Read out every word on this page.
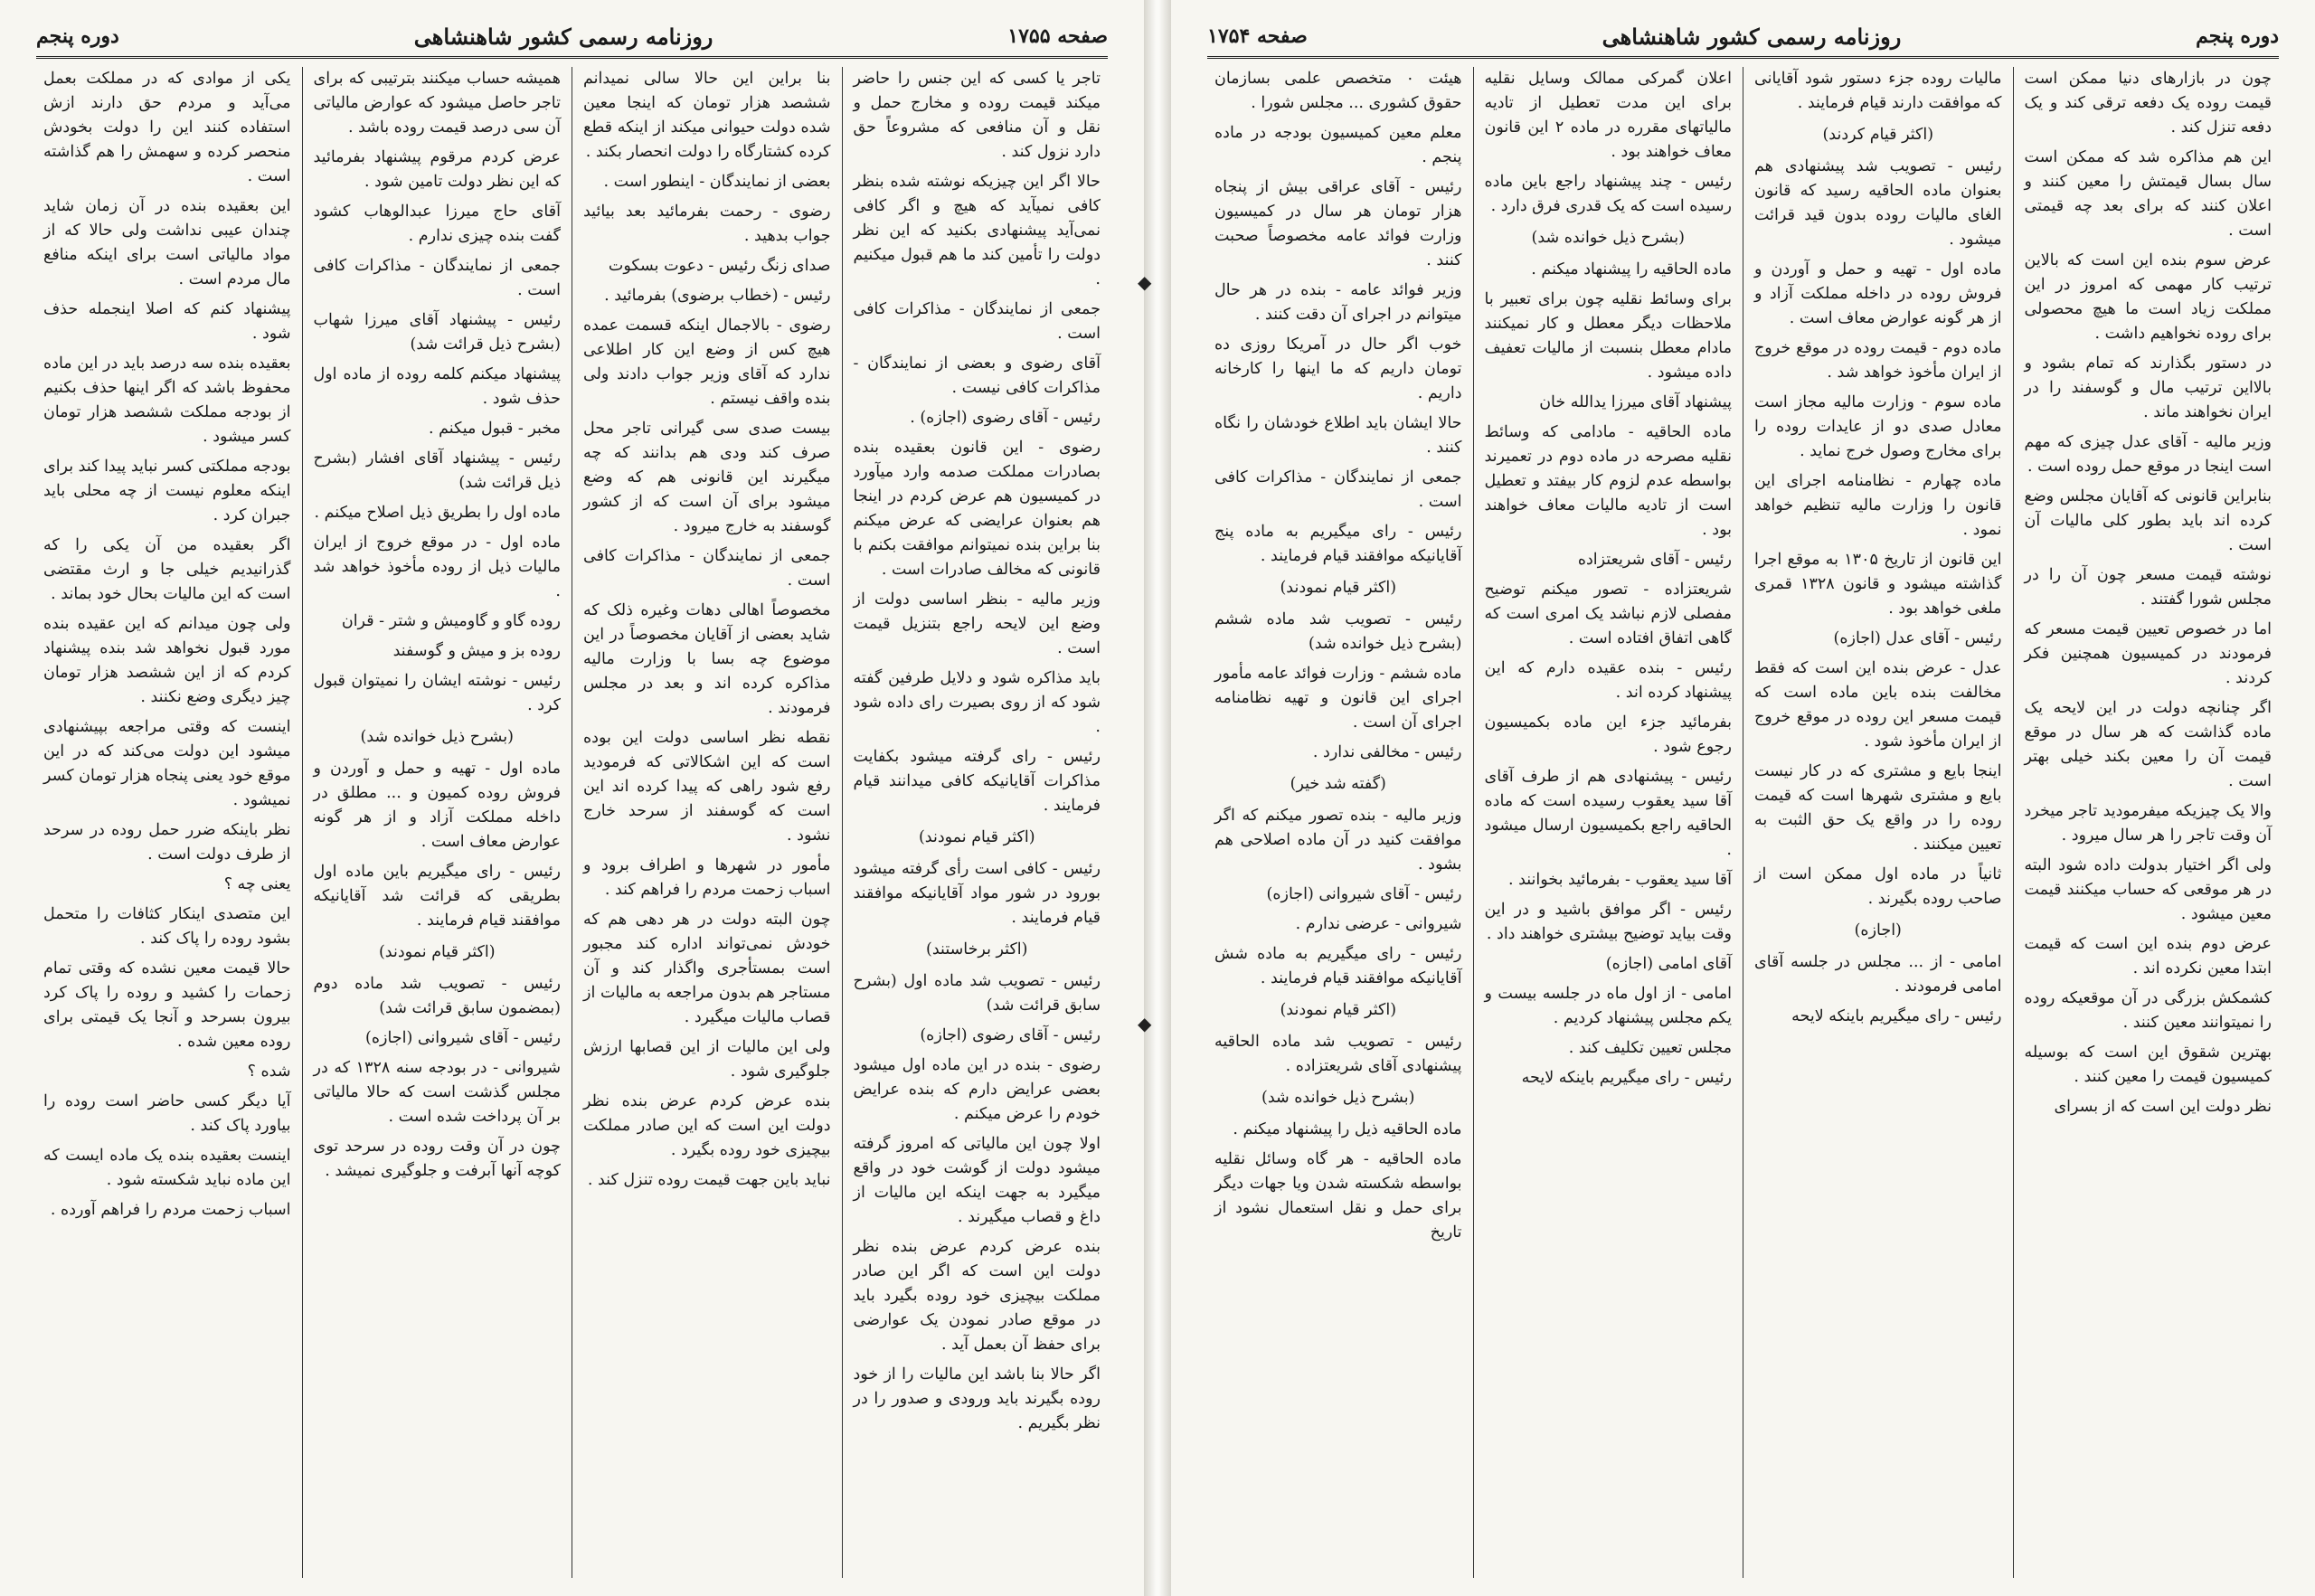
صفحه ۱۷۵۵
روزنامه رسمی کشور شاهنشاهی
دوره پنجم

تاجر یا کسی که این جنس را حاضر میکند قیمت روده و مخارج حمل و نقل و آن منافعی که مشروعاً حق دارد نزول کند .

حالا اگر این چیزیکه نوشته شده بنظر کافی نمیآید که هیچ و اگر کافی نمی‌آید پیشنهادی بکنید که این نظر دولت را تأمین کند ما هم قبول میکنیم .

جمعی از نمایندگان - مذاکرات کافی است .

آقای رضوی و بعضی از نمایندگان - مذاکرات کافی نیست .

رئیس - آقای رضوی (اجازه) .

رضوی - این قانون بعقیده بنده بصادرات مملکت صدمه وارد میآورد در کمیسیون هم عرض کردم در اینجا هم بعنوان عرایضی که عرض میکنم بنا براین بنده نمیتوانم موافقت بکنم با قانونی که مخالف صادرات است .

وزیر مالیه - بنظر اساسی دولت از وضع این لایحه راجع بتنزیل قیمت است .

باید مذاکره شود و دلایل طرفین گفته شود که از روی بصیرت رای داده شود .

رئیس - رای گرفته میشود بکفایت مذاکرات آقایانیکه کافی میدانند قیام فرمایند .

(اکثر قیام نمودند)

رئیس - کافی است رأی گرفته میشود بورود در شور مواد آقایانیکه موافقند قیام فرمایند .

(اکثر برخاستند)

رئیس - تصویب شد ماده اول (بشرح سابق قرائت شد)

رئیس - آقای رضوی (اجازه)

رضوی - بنده در این ماده اول میشود بعضی عرایض دارم که بنده عرایض خودم را عرض میکنم .

اولا چون این مالیاتی که امروز گرفته میشود دولت از گوشت خود در واقع میگیرد به جهت اینکه این مالیات از داغ و قصاب میگیرند .

بنده عرض کردم عرض بنده نظر دولت این است که اگر این صادر مملکت بیچیزی خود روده بگیرد باید در موقع صادر نمودن یک عوارضی برای حفظ آن بعمل آید .

اگر حالا بنا باشد این مالیات را از خود روده بگیرند باید ورودی و صدور را در نظر بگیریم .

بنا براین این حالا سالی نمیدانم ششصد هزار تومان که اینجا معین شده دولت حیوانی میکند از اینکه قطع کرده کشتارگاه را دولت انحصار بکند .

بعضی از نمایندگان - اینطور است .

رضوی - رحمت بفرمائید بعد بیائید جواب بدهید .

صدای زنگ رئیس - دعوت بسکوت

رئیس - (خطاب برضوی) بفرمائید .

رضوی - بالاجمال اینکه قسمت عمده هیچ کس از وضع این کار اطلاعی ندارد که آقای وزیر جواب دادند ولی بنده واقف نیستم .

بیست صدی سی گیرانی تاجر محل صرف کند ودی هم بدانند که چه میگیرند این قانونی هم که وضع میشود برای آن است که از کشور گوسفند به خارج میرود .

جمعی از نمایندگان - مذاکرات کافی است .

مخصوصاً اهالی دهات وغیره ذلک که شاید بعضی از آقایان مخصوصاً در این موضوع چه بسا با وزارت مالیه مذاکره کرده اند و بعد در مجلس فرمودند .

نقطه نظر اساسی دولت این بوده است که این اشکالاتی که فرمودید رفع شود راهی که پیدا کرده اند این است که گوسفند از سرحد خارج نشود .

مأمور در شهرها و اطراف برود و اسباب زحمت مردم را فراهم کند .

چون البته دولت در هر دهی هم که خودش نمی‌تواند اداره کند مجبور است بمستأجری واگذار کند و آن مستاجر هم بدون مراجعه به مالیات از قصاب مالیات میگیرد .

ولی این مالیات از این قصابها ارزش جلوگیری شود .

بنده عرض کردم عرض بنده نظر دولت این است که این صادر مملکت بیچیزی خود روده بگیرد .

نباید باین جهت قیمت روده تنزل کند .

همیشه حساب میکنند بترتیبی که برای تاجر حاصل میشود که عوارض مالیاتی آن سی درصد قیمت روده باشد .

عرض کردم مرقوم پیشنهاد بفرمائید که این نظر دولت تامین شود .

آقای حاج میرزا عبدالوهاب کشود گفت بنده چیزی ندارم .

جمعی از نمایندگان - مذاکرات کافی است .

رئیس - پیشنهاد آقای میرزا شهاب (بشرح ذیل قرائت شد)

پیشنهاد میکنم کلمه روده از ماده اول حذف شود .

مخبر - قبول میکنم .

رئیس - پیشنهاد آقای افشار (بشرح ذیل قرائت شد)

ماده اول را بطریق ذیل اصلاح میکنم .

ماده اول - در موقع خروج از ایران مالیات ذیل از روده مأخوذ خواهد شد .

روده گاو و گاومیش و شتر - قران

روده بز و میش و گوسفند

رئیس - نوشته ایشان را نمیتوان قبول کرد .

(بشرح ذیل خوانده شد)

ماده اول - تهیه و حمل و آوردن و فروش روده کمیون و ... مطلق در داخله مملکت آزاد و از هر گونه عوارض معاف است .

رئیس - رای میگیریم باین ماده اول بطریقی که قرائت شد آقایانیکه موافقند قیام فرمایند .

(اکثر قیام نمودند)

رئیس - تصویب شد ماده دوم (بمضمون سابق قرائت شد)

رئیس - آقای شیروانی (اجازه)

شیروانی - در بودجه سنه ۱۳۲۸ که در مجلس گذشت است که حالا مالیاتی بر آن پرداخت شده است .

چون در آن وقت روده در سرحد توی کوچه آنها آبرفت و جلوگیری نمیشد .

یکی از موادی که در مملکت بعمل می‌آید و مردم حق دارند ازش استفاده کنند این را دولت بخودش منحصر کرده و سهمش را هم گذاشته است .

این بعقیده بنده در آن زمان شاید چندان عیبی نداشت ولی حالا که از مواد مالیاتی است برای اینکه منافع مال مردم است .

پیشنهاد کنم که اصلا اینجمله حذف شود .

بعقیده بنده سه درصد باید در این ماده محفوظ باشد که اگر اینها حذف بکنیم از بودجه مملکت ششصد هزار تومان کسر میشود .

بودجه مملکتی کسر نباید پیدا کند برای اینکه معلوم نیست از چه محلی باید جبران کرد .

اگر بعقیده من آن یکی را که گذرانیدیم خیلی جا و ارث مقتضی است که این مالیات بحال خود بماند .

ولی چون میدانم که این عقیده بنده مورد قبول نخواهد شد بنده پیشنهاد کردم که از این ششصد هزار تومان چیز دیگری وضع نکنند .

اینست که وقتی مراجعه بپیشنهادی میشود این دولت می‌کند که در این موقع خود یعنی پنجاه هزار تومان کسر نمیشود .

نظر باینکه ضرر حمل روده در سرحد از طرف دولت است .

یعنی چه ؟

این متصدی اینکار کثافات را متحمل بشود روده را پاک کند .

حالا قیمت معین نشده که وقتی تمام زحمات را کشید و روده را پاک کرد بیرون بسرحد و آنجا یک قیمتی برای روده معین شده .

شده ؟

آیا دیگر کسی حاضر است روده را بیاورد پاک کند .

اینست بعقیده بنده یک ماده ایست که این ماده نباید شکسته شود .

اسباب زحمت مردم را فراهم آورده .

◆
◆
دوره پنجم
روزنامه رسمی کشور شاهنشاهی
صفحه ۱۷۵۴

چون در بازارهای دنیا ممکن است قیمت روده یک دفعه ترقی کند و یک دفعه تنزل کند .

این هم مذاکره شد که ممکن است سال بسال قیمتش را معین کنند و اعلان کنند که برای بعد چه قیمتی است .

عرض سوم بنده این است که بالاین ترتیب کار مهمی که امروز در این مملکت زیاد است ما هیچ محصولی برای روده نخواهیم داشت .

در دستور بگذارند که تمام بشود و بالااین ترتیب مال و گوسفند را در ایران نخواهند ماند .

وزیر مالیه - آقای عدل چیزی که مهم است اینجا در موقع حمل روده است .

بنابراین قانونی که آقایان مجلس وضع کرده اند باید بطور کلی مالیات آن است .

نوشته قیمت مسعر چون آن را در مجلس شورا گفتند .

اما در خصوص تعیین قیمت مسعر که فرمودند در کمیسیون همچنین فکر کردند .

اگر چنانچه دولت در این لایحه یک ماده گذاشت که هر سال در موقع قیمت آن را معین بکند خیلی بهتر است .

والا یک چیزیکه میفرمودید تاجر میخرد آن وقت تاجر را هر سال میرود .

ولی اگر اختیار بدولت داده شود البته در هر موقعی که حساب میکنند قیمت معین میشود .

عرض دوم بنده این است که قیمت ابتدا معین نکرده اند .

کشمکش بزرگی در آن موقعیکه روده را نمیتوانند معین کنند .

بهترین شقوق این است که بوسیله کمیسیون قیمت را معین کنند .

نظر دولت این است که از بسرای

مالیات روده جزء دستور شود آقایانی که موافقت دارند قیام فرمایند .

(اکثر قیام کردند)

رئیس - تصویب شد پیشنهادی هم بعنوان ماده الحاقیه رسید که قانون الغای مالیات روده بدون قید قرائت میشود .

ماده اول - تهیه و حمل و آوردن و فروش روده در داخله مملکت آزاد و از هر گونه عوارض معاف است .

ماده دوم - قیمت روده در موقع خروج از ایران مأخوذ خواهد شد .

ماده سوم - وزارت مالیه مجاز است معادل صدی دو از عایدات روده را برای مخارج وصول خرج نماید .

ماده چهارم - نظامنامه اجرای این قانون را وزارت مالیه تنظیم خواهد نمود .

این قانون از تاریخ ۱۳۰۵ به موقع اجرا گذاشته میشود و قانون ۱۳۲۸ قمری ملغی خواهد بود .

رئیس - آقای عدل (اجازه)

عدل - عرض بنده این است که فقط مخالفت بنده باین ماده است که قیمت مسعر این روده در موقع خروج از ایران مأخوذ شود .

اینجا بایع و مشتری که در کار نیست بایع و مشتری شهرها است که قیمت روده را در واقع یک حق الثبت به تعیین میکنند .

ثانیاً در ماده اول ممکن است از صاحب روده بگیرند .

(اجازه)

امامی - از ... مجلس در جلسه آقای امامی فرمودند .

رئیس - رای میگیریم باینکه لایحه

اعلان گمرکی ممالک وسایل نقلیه برای این مدت تعطیل از تادیه مالیاتهای مقرره در ماده ۲ این قانون معاف خواهند بود .

رئیس - چند پیشنهاد راجع باین ماده رسیده است که یک قدری فرق دارد .

(بشرح ذیل خوانده شد)

ماده الحاقیه را پیشنهاد میکنم .

برای وسائط نقلیه چون برای تعبیر با ملاحظات دیگر معطل و کار نمیکنند مادام معطل بنسبت از مالیات تعفیف داده میشود .

پیشنهاد آقای میرزا یدالله خان

ماده الحاقیه - مادامی که وسائط نقلیه مصرحه در ماده دوم در تعمیرند بواسطه عدم لزوم کار بیفتد و تعطیل است از تادیه مالیات معاف خواهند بود .

رئیس - آقای شریعتزاده

شریعتزاده - تصور میکنم توضیح مفصلی لازم نباشد یک امری است که گاهی اتفاق افتاده است .

رئیس - بنده عقیده دارم که این پیشنهاد کرده اند .

بفرمائید جزء این ماده بکمیسیون رجوع شود .

رئیس - پیشنهادی هم از طرف آقای آقا سید یعقوب رسیده است که ماده الحاقیه راجع بکمیسیون ارسال میشود .

آقا سید یعقوب - بفرمائید بخوانند .

رئیس - اگر موافق باشید و در این وقت بیاید توضیح بیشتری خواهند داد .

آقای امامی (اجازه)

امامی - از اول ماه در جلسه بیست و یکم مجلس پیشنهاد کردیم .

مجلس تعیین تکلیف کند .

رئیس - رای میگیریم باینکه لایحه

هیئت ۰ متخصص علمی بسازمان حقوق کشوری ... مجلس شورا .

معلم معین کمیسیون بودجه در ماده پنجم .

رئیس - آقای عراقی بیش از پنجاه هزار تومان هر سال در کمیسیون وزارت فوائد عامه مخصوصاً صحبت کنند .

وزیر فوائد عامه - بنده در هر حال میتوانم در اجرای آن دقت کنند .

خوب اگر حال در آمریکا روزی ده تومان داریم که ما اینها را کارخانه داریم .

حالا ایشان باید اطلاع خودشان را نگاه کنند .

جمعی از نمایندگان - مذاکرات کافی است .

رئیس - رای میگیریم به ماده پنج آقایانیکه موافقند قیام فرمایند .

(اکثر قیام نمودند)

رئیس - تصویب شد ماده ششم (بشرح ذیل خوانده شد)

ماده ششم - وزارت فوائد عامه مأمور اجرای این قانون و تهیه نظامنامه اجرای آن است .

رئیس - مخالفی ندارد .

(گفته شد خیر)

وزیر مالیه - بنده تصور میکنم که اگر موافقت کنید در آن ماده اصلاحی هم بشود .

رئیس - آقای شیروانی (اجازه)

شیروانی - عرضی ندارم .

رئیس - رای میگیریم به ماده شش آقایانیکه موافقند قیام فرمایند .

(اکثر قیام نمودند)

رئیس - تصویب شد ماده الحاقیه پیشنهادی آقای شریعتزاده .

(بشرح ذیل خوانده شد)

ماده الحاقیه ذیل را پیشنهاد میکنم .

ماده الحاقیه - هر گاه وسائل نقلیه بواسطه شکسته شدن ویا جهات دیگر برای حمل و نقل استعمال نشود از تاریخ
